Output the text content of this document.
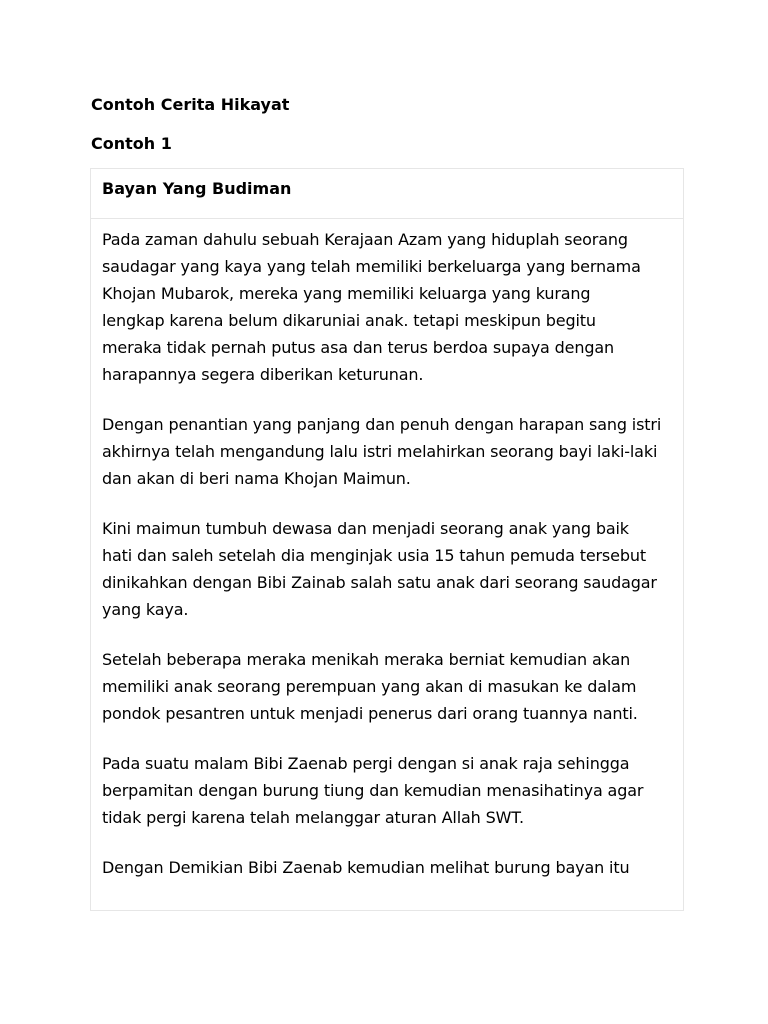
Contoh Cerita Hikayat
Contoh 1
Bayan Yang Budiman

Pada zaman dahulu sebuah Kerajaan Azam yang hiduplah seorang
saudagar yang kaya yang telah memiliki berkeluarga yang bernama
Khojan Mubarok, mereka yang memiliki keluarga yang kurang
lengkap karena belum dikaruniai anak. tetapi meskipun begitu
meraka tidak pernah putus asa dan terus berdoa supaya dengan
harapannya segera diberikan keturunan.

Dengan penantian yang panjang dan penuh dengan harapan sang istri
akhirnya telah mengandung lalu istri melahirkan seorang bayi laki-laki
dan akan di beri nama Khojan Maimun.

Kini maimun tumbuh dewasa dan menjadi seorang anak yang baik
hati dan saleh setelah dia menginjak usia 15 tahun pemuda tersebut
dinikahkan dengan Bibi Zainab salah satu anak dari seorang saudagar
yang kaya.

Setelah beberapa meraka menikah meraka berniat kemudian akan
memiliki anak seorang perempuan yang akan di masukan ke dalam
pondok pesantren untuk menjadi penerus dari orang tuannya nanti.

Pada suatu malam Bibi Zaenab pergi dengan si anak raja sehingga
berpamitan dengan burung tiung dan kemudian menasihatinya agar
tidak pergi karena telah melanggar aturan Allah SWT.

Dengan Demikian Bibi Zaenab kemudian melihat burung bayan itu
